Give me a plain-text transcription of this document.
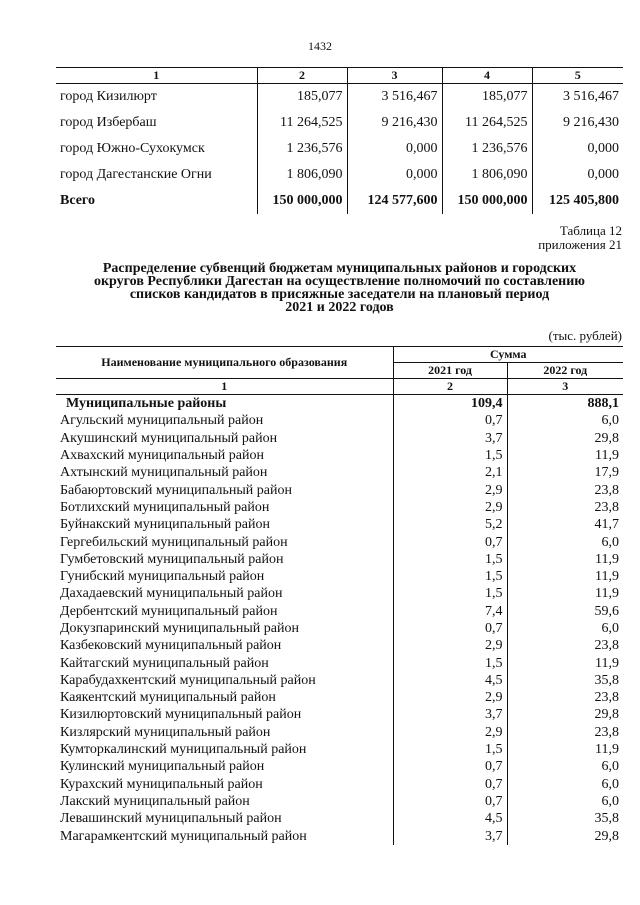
1432
1	2	3	4	5
город Кизилюрт	185,077	3 516,467	185,077	3 516,467
город Избербаш	11 264,525	9 216,430	11 264,525	9 216,430
город Южно-Сухокумск	1 236,576	0,000	1 236,576	0,000
город Дагестанские Огни	1 806,090	0,000	1 806,090	0,000
Всего	150 000,000	124 577,600	150 000,000	125 405,800
Таблица 12
приложения 21
Распределение субвенций бюджетам муниципальных районов и городских
округов Республики Дагестан на осуществление полномочий по составлению
списков кандидатов в присяжные заседатели на плановый период
2021 и 2022 годов
(тыс. рублей)
Наименование муниципального образования	Сумма	
	2021 год	2022 год
1	2	3
Муниципальные районы	109,4	888,1
Агульский муниципальный район	0,7	6,0
Акушинский муниципальный район	3,7	29,8
Ахвахский муниципальный район	1,5	11,9
Ахтынский муниципальный район	2,1	17,9
Бабаюртовский муниципальный район	2,9	23,8
Ботлихский муниципальный район	2,9	23,8
Буйнакский муниципальный район	5,2	41,7
Гергебильский муниципальный район	0,7	6,0
Гумбетовский муниципальный район	1,5	11,9
Гунибский муниципальный район	1,5	11,9
Дахадаевский муниципальный район	1,5	11,9
Дербентский муниципальный район	7,4	59,6
Докузпаринский муниципальный район	0,7	6,0
Казбековский муниципальный район	2,9	23,8
Кайтагский муниципальный район	1,5	11,9
Карабудахкентский муниципальный район	4,5	35,8
Каякентский муниципальный район	2,9	23,8
Кизилюртовский муниципальный район	3,7	29,8
Кизлярский муниципальный район	2,9	23,8
Кумторкалинский муниципальный район	1,5	11,9
Кулинский муниципальный район	0,7	6,0
Курахский муниципальный район	0,7	6,0
Лакский муниципальный район	0,7	6,0
Левашинский муниципальный район	4,5	35,8
Магарамкентский муниципальный район	3,7	29,8
